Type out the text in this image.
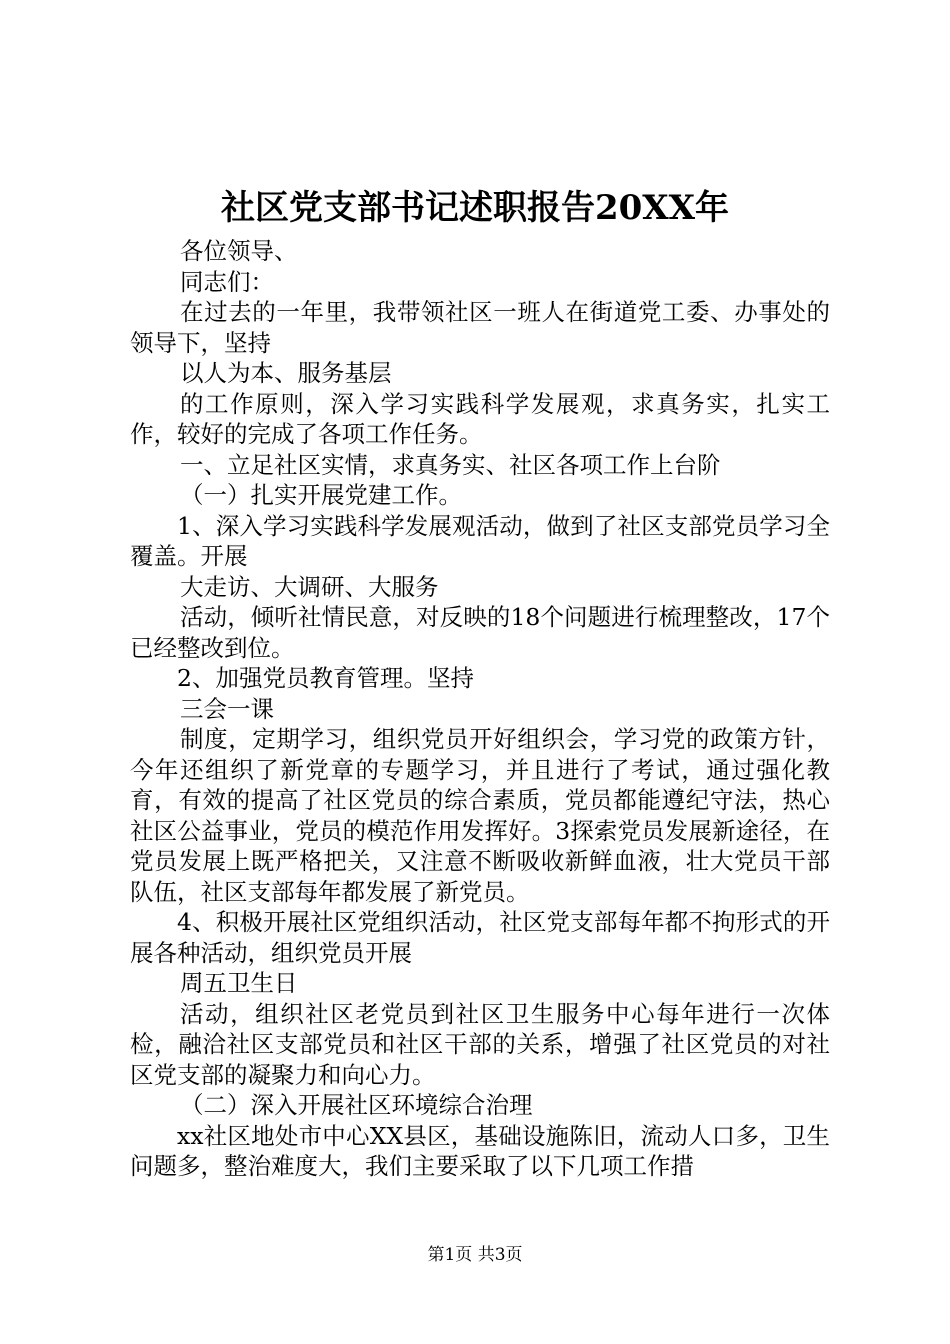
社区党支部书记述职报告20XX年

各位领导、

同志们：

在过去的一年里，我带领社区一班人在街道党工委、办事处的领导下，坚持

以人为本、服务基层

的工作原则，深入学习实践科学发展观，求真务实，扎实工作，较好的完成了各项工作任务。

一、立足社区实情，求真务实、社区各项工作上台阶

（一）扎实开展党建工作。

1、深入学习实践科学发展观活动，做到了社区支部党员学习全覆盖。开展

大走访、大调研、大服务

活动，倾听社情民意，对反映的18个问题进行梳理整改，17个已经整改到位。

2、加强党员教育管理。坚持

三会一课

制度，定期学习，组织党员开好组织会，学习党的政策方针，今年还组织了新党章的专题学习，并且进行了考试，通过强化教育，有效的提高了社区党员的综合素质，党员都能遵纪守法，热心社区公益事业，党员的模范作用发挥好。3探索党员发展新途径，在党员发展上既严格把关，又注意不断吸收新鲜血液，壮大党员干部队伍，社区支部每年都发展了新党员。

4、积极开展社区党组织活动，社区党支部每年都不拘形式的开展各种活动，组织党员开展

周五卫生日

活动，组织社区老党员到社区卫生服务中心每年进行一次体检，融洽社区支部党员和社区干部的关系，增强了社区党员的对社区党支部的凝聚力和向心力。

（二）深入开展社区环境综合治理

xx社区地处市中心XX县区，基础设施陈旧，流动人口多，卫生问题多，整治难度大，我们主要采取了以下几项工作措

第1页 共3页
